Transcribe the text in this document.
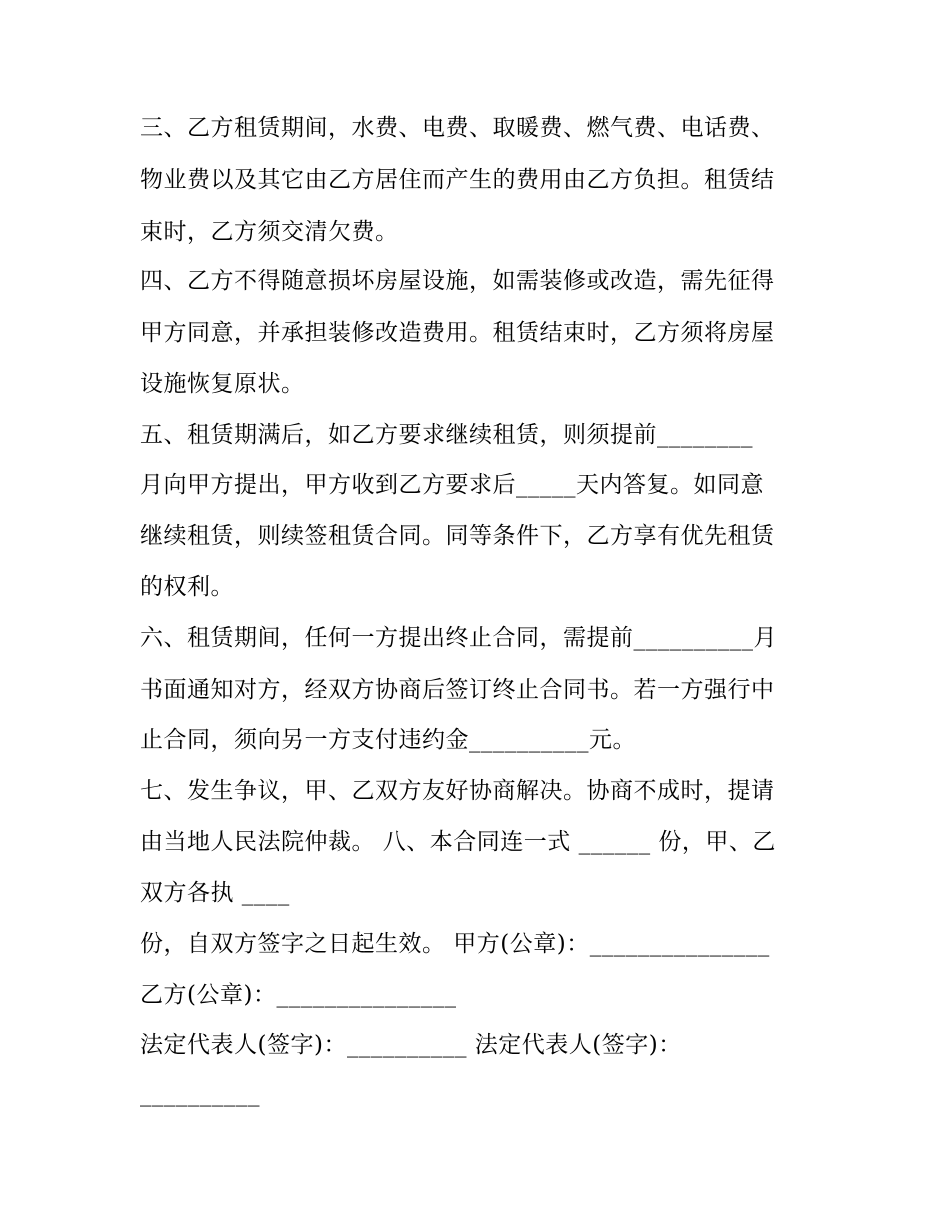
三、乙方租赁期间，水费、电费、取暖费、燃气费、电话费、
物业费以及其它由乙方居住而产生的费用由乙方负担。租赁结
束时，乙方须交清欠费。
四、乙方不得随意损坏房屋设施，如需装修或改造，需先征得
甲方同意，并承担装修改造费用。租赁结束时，乙方须将房屋
设施恢复原状。
五、租赁期满后，如乙方要求继续租赁，则须提前________
月向甲方提出，甲方收到乙方要求后_____天内答复。如同意
继续租赁，则续签租赁合同。同等条件下，乙方享有优先租赁
的权利。
六、租赁期间，任何一方提出终止合同，需提前__________月
书面通知对方，经双方协商后签订终止合同书。若一方强行中
止合同，须向另一方支付违约金__________元。
七、发生争议，甲、乙双方友好协商解决。协商不成时，提请
由当地人民法院仲裁。 八、本合同连一式 ______ 份，甲、乙
双方各执 ____
份，自双方签字之日起生效。 甲方(公章)：_______________
乙方(公章)：_______________
法定代表人(签字)：__________ 法定代表人(签字)：
__________
